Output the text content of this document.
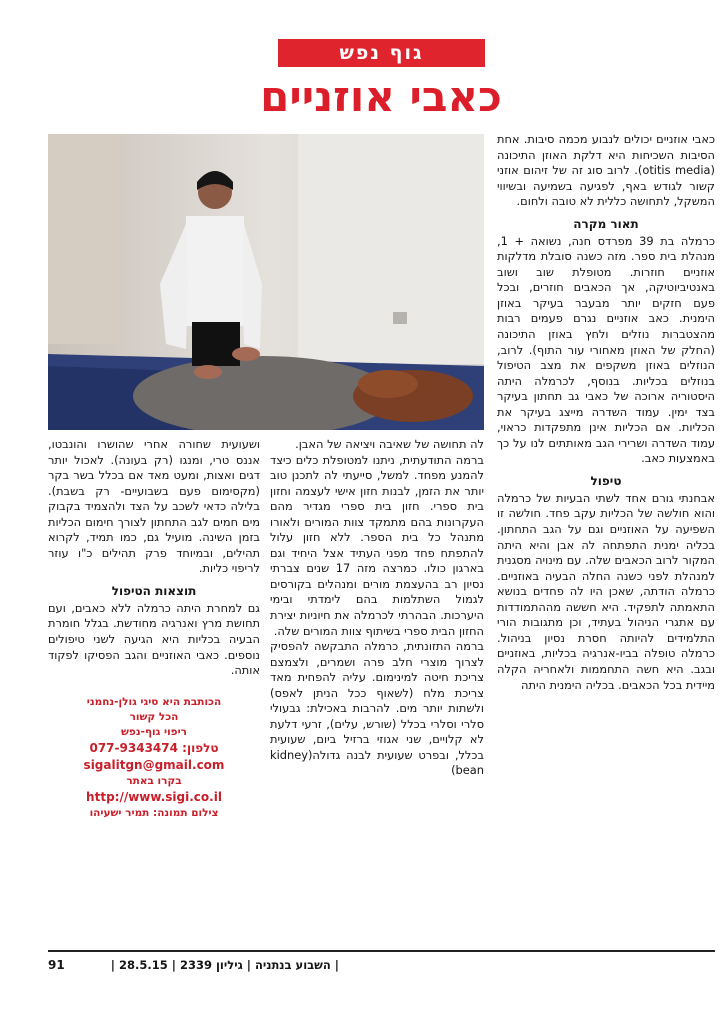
גוף נפש
כאבי אוזניים

כאבי אוזניים יכולים לנבוע מכמה סיבות. אחת הסיבות השכיחות היא דלקת האוזן התיכונה (otitis media). לרוב סוג זה של זיהום אוזני קשור לגודש באף, לפגיעה בשמיעה ובשיווי המשקל, לתחושה כללית לא טובה ולחום.

תאור מקרה

כרמלה בת 39 מפרדס חנה, נשואה + 1, מנהלת בית ספר. מזה כשנה סובלת מדלקות אוזניים חוזרות. מטופלת שוב ושוב באנטיביוטיקה, אך הכאבים חוזרים, ובכל פעם חזקים יותר מבעבר בעיקר באוזן הימנית. כאב אוזניים נגרם פעמים רבות מהצטברות נוזלים ולחץ באוזן התיכונה (החלק של האוזן מאחורי עור התוף). לרוב, הנוזלים באוזן משקפים את מצב הטיפול בנוזלים בכליות. בנוסף, לכרמלה היתה היסטוריה ארוכה של כאבי גב תחתון בעיקר בצד ימין. עמוד השדרה מייצג בעיקר את הכליות. אם הכליות אינן מתפקדות כראוי, עמוד השדרה ושרירי הגב מאותתים לנו על כך באמצעות כאב.

טיפול

אבחנתי גורם אחד לשתי הבעיות של כרמלה והוא חולשה של הכליות עקב פחד. חולשה זו השפיעה על האוזניים וגם על הגב התחתון. בכליה ימנית התפתחה לה אבן והיא היתה המקור לרוב הכאבים שלה. עם מינויה מסגנית למנהלת לפני כשנה החלה הבעיה באוזניים. כרמלה הודתה, שאכן היו לה פחדים בנושא התאמתה לתפקיד. היא חששה מההתמודדות עם אתגרי הניהול בעתיד, וכן מתגובות הורי התלמידים להיותה חסרת נסיון בניהול. כרמלה טופלה בביו-אנרגיה בכליות, באוזניים ובגב. היא חשה התחממות ולאחריה הקלה מיידית בכל הכאבים. בכליה הימנית היתה

לה תחושה של שאיבה ויציאה של האבן.

ברמה התודעתית, ניתנו למטופלת כלים כיצד להמנע מפחד. למשל, סייעתי לה לתכנן טוב יותר את הזמן, לבנות חזון אישי לעצמה וחזון בית ספרי. חזון בית ספרי מגדיר מהם העקרונות בהם מתמקד צוות המורים ולאורו מתנהל כל בית הספר. ללא חזון עלול להתפתח פחד מפני העתיד אצל היחיד וגם בארגון כולו. כמרצה מזה 17 שנים צברתי נסיון רב בהעצמת מורים ומנהלים בקורסים לגמול השתלמות בהם לימדתי ובימי היערכות. הבהרתי לכרמלה את חיוניות יצירת החזון הבית ספרי בשיתוף צוות המורים שלה.

ברמה התזונתית, כרמלה התבקשה להפסיק לצרוך מוצרי חלב פרה ושמרים, ולצמצם צריכת חיטה למינימום. עליה להפחית מאד צריכת מלח (לשאוף ככל הניתן לאפס) ולשתות יותר מים. להרבות באכילת: גבעולי סלרי וסלרי בכלל (שורש, עלים), זרעי דלעת לא קלויים, שני אגוזי ברזיל ביום, שעועית בכלל, ובפרט שעועית לבנה גדולה(kidney bean)

ושעועית שחורה אחרי שהושרו והונבטו, אננס טרי, ומנגו (רק בעונה). לאכול יותר דגים ואצות, ומעט מאד אם בכלל בשר בקר (מקסימום פעם בשבועיים- רק בשבת). בלילה כדאי לשכב על הצד ולהצמיד בקבוק מים חמים לגב התחתון לצורך חימום הכליות בזמן השינה. מועיל גם, כמו תמיד, לקרוא תהילים, ובמיוחד פרק תהילים כ"ו עוזר לריפוי כליות.

תוצאות הטיפול

גם למחרת היתה כרמלה ללא כאבים, ועם תחושת מרץ ואנרגיה מחודשת. בגלל חומרת הבעיה בכליות היא הגיעה לשני טיפולים נוספים. כאבי האוזניים והגב הפסיקו לפקוד אותה.

הכותבת היא סיגי גולן-נחמני
הכל קשור
ריפוי גוף-נפש
טלפון: 077-9343474
sigalitgn@gmail.com
בקרו באתר
http://www.sigi.co.il
צילום תמונה: תמיר ישעיהו
| השבוע בנתניה | גיליון 2339 | 28.5.15 |
91
